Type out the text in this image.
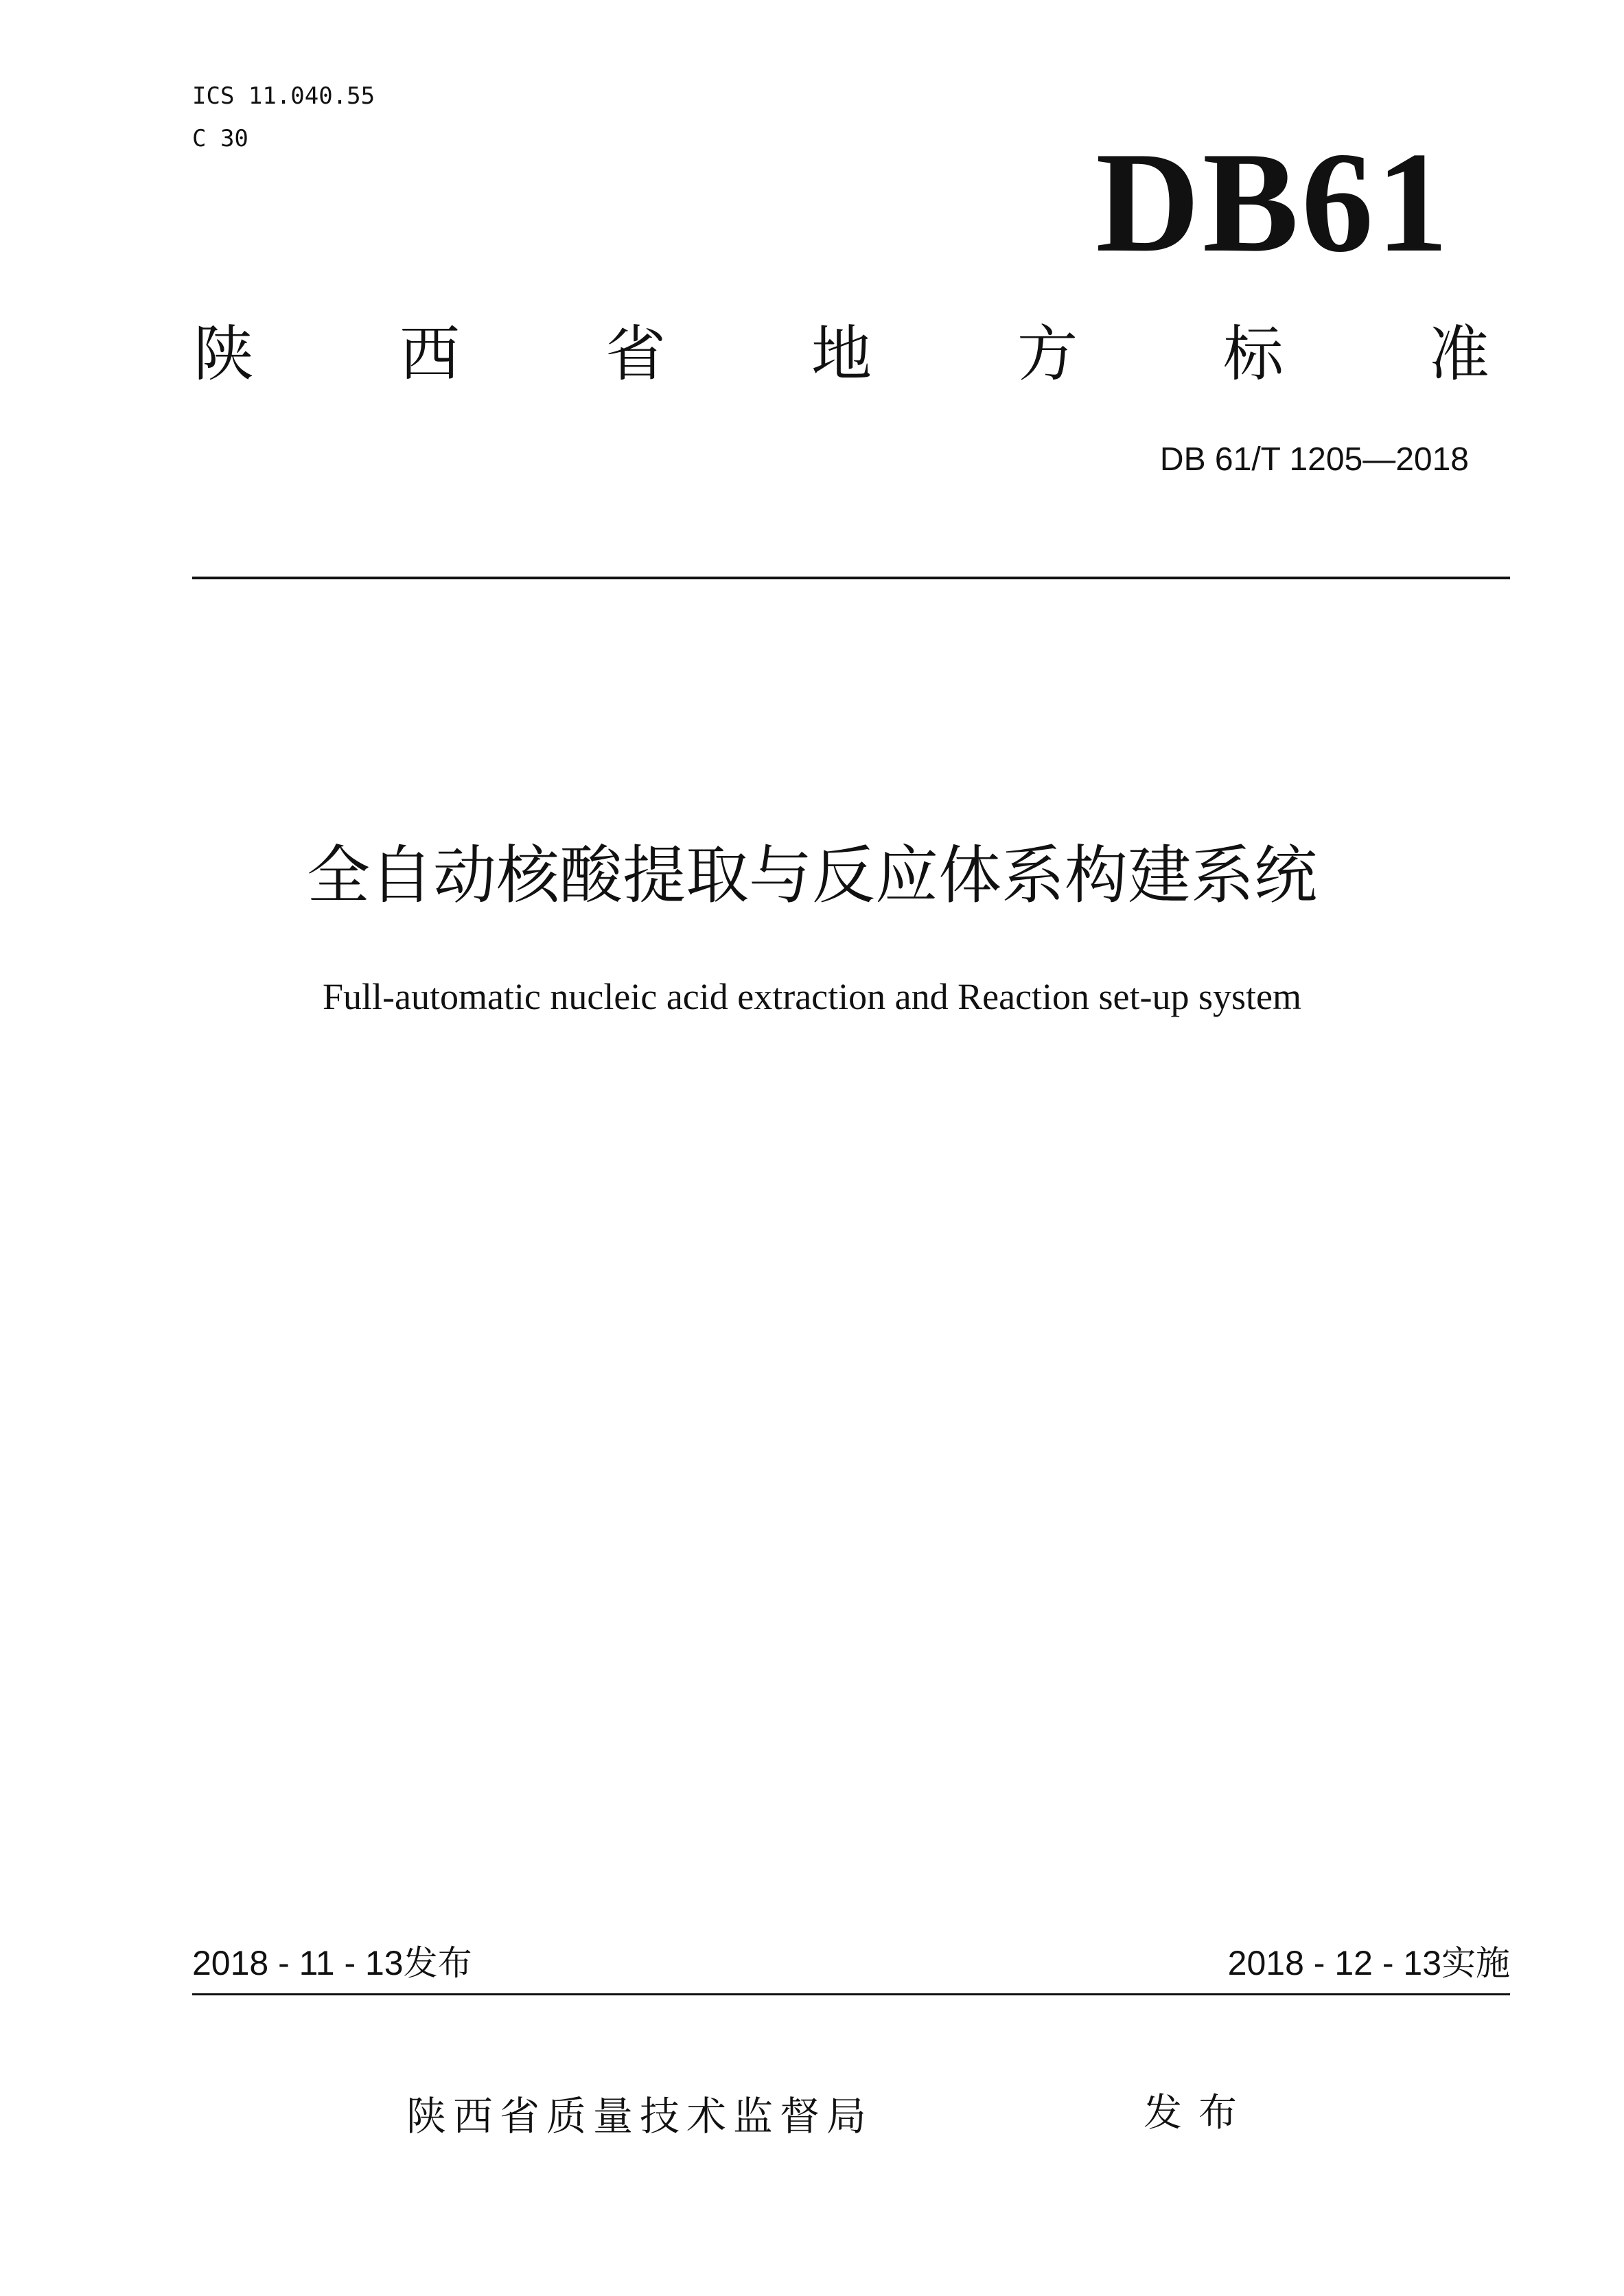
ICS 11.040.55
C 30	DB61
陕 西 省 地 方 标 准
DB 61/T 1205—2018
全自动核酸提取与反应体系构建系统
Full-automatic nucleic acid extraction and Reaction set-up system
2018 - 11 - 13发布	2018 - 12 - 13实施
陕西省质量技术监督局	发布
